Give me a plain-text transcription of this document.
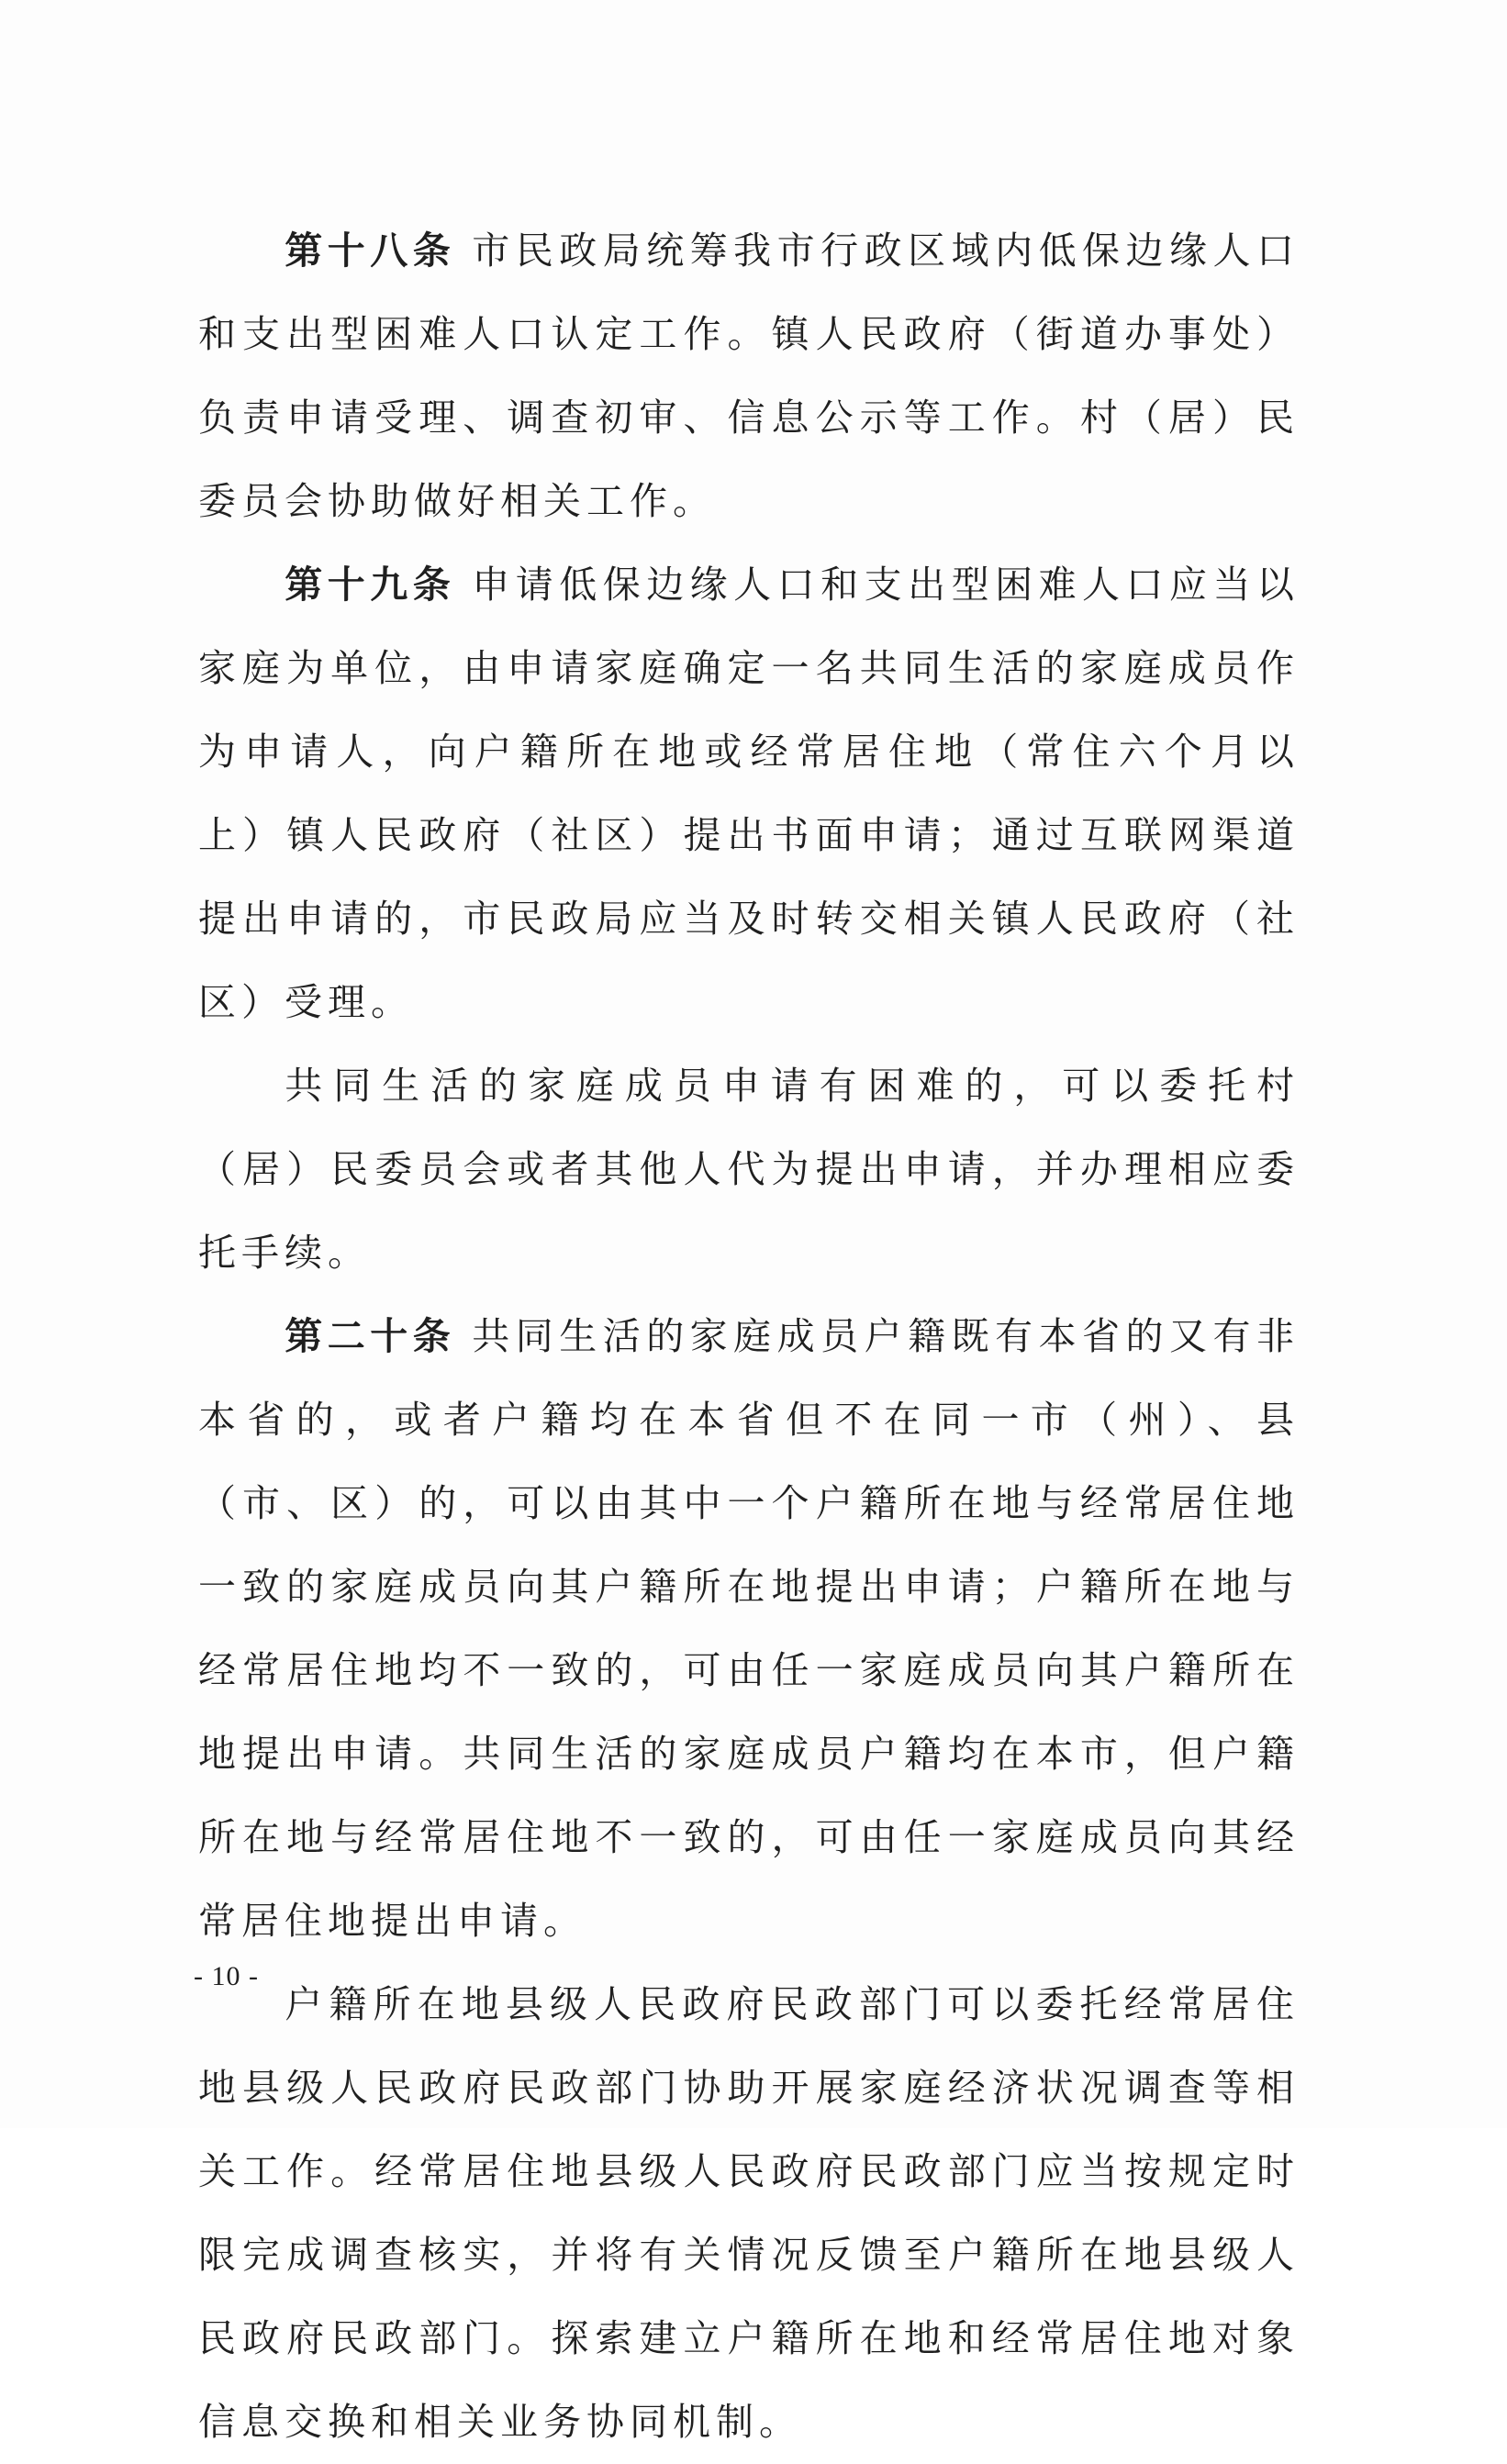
第十八条 市民政局统筹我市行政区域内低保边缘人口和支出型困难人口认定工作。镇人民政府（街道办事处）负责申请受理、调查初审、信息公示等工作。村（居）民委员会协助做好相关工作。

第十九条 申请低保边缘人口和支出型困难人口应当以家庭为单位，由申请家庭确定一名共同生活的家庭成员作为申请人，向户籍所在地或经常居住地（常住六个月以上）镇人民政府（社区）提出书面申请；通过互联网渠道提出申请的，市民政局应当及时转交相关镇人民政府（社区）受理。

共同生活的家庭成员申请有困难的，可以委托村（居）民委员会或者其他人代为提出申请，并办理相应委托手续。

第二十条 共同生活的家庭成员户籍既有本省的又有非本省的，或者户籍均在本省但不在同一市（州）、县（市、区）的，可以由其中一个户籍所在地与经常居住地一致的家庭成员向其户籍所在地提出申请；户籍所在地与经常居住地均不一致的，可由任一家庭成员向其户籍所在地提出申请。共同生活的家庭成员户籍均在本市，但户籍所在地与经常居住地不一致的，可由任一家庭成员向其经常居住地提出申请。

户籍所在地县级人民政府民政部门可以委托经常居住地县级人民政府民政部门协助开展家庭经济状况调查等相关工作。经常居住地县级人民政府民政部门应当按规定时限完成调查核实，并将有关情况反馈至户籍所在地县级人民政府民政部门。探索建立户籍所在地和经常居住地对象信息交换和相关业务协同机制。

- 10 -
